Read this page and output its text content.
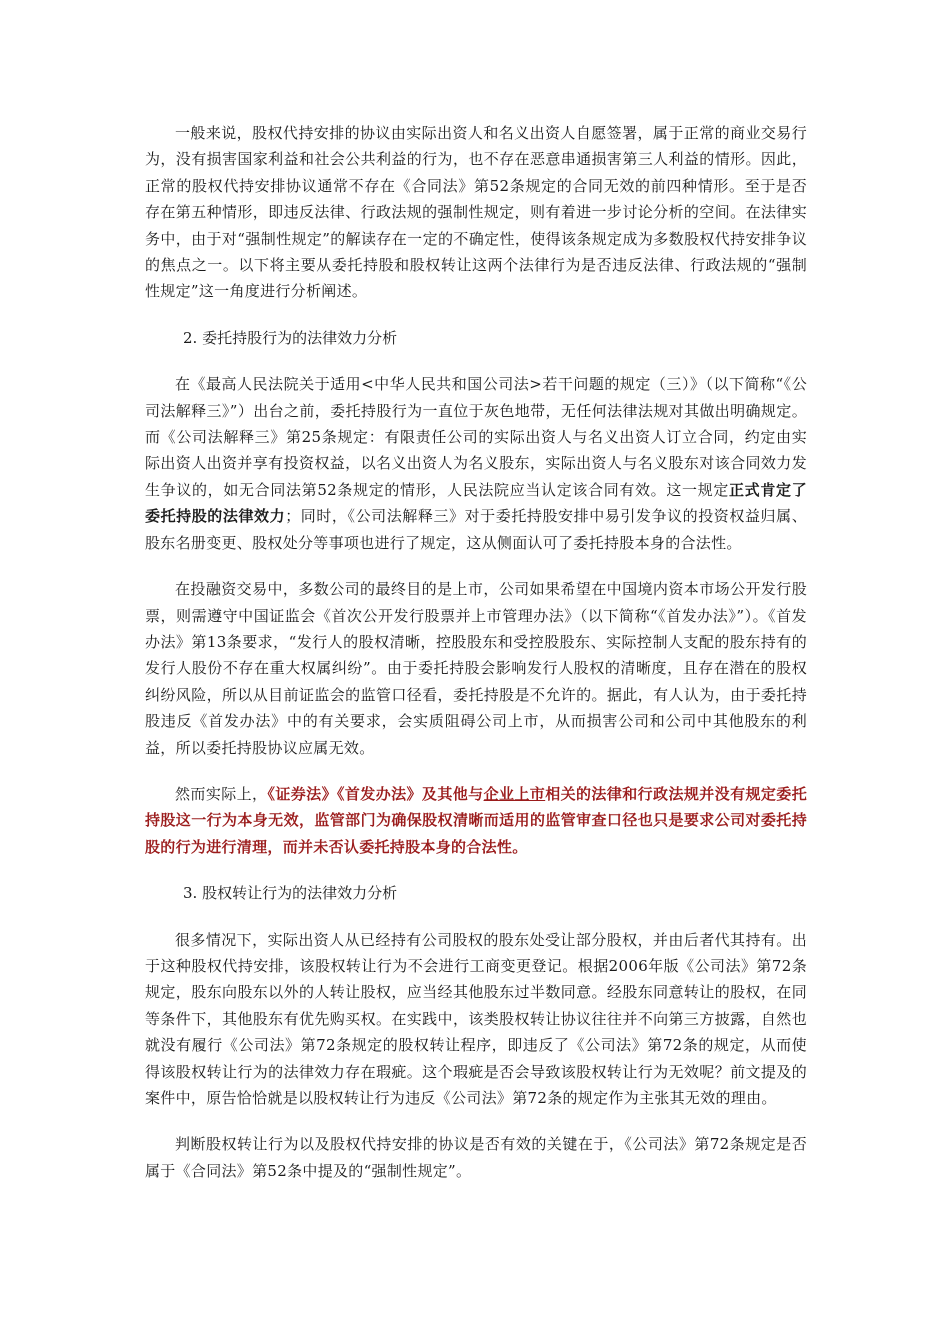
一般来说，股权代持安排的协议由实际出资人和名义出资人自愿签署，属于正常的商业交易行为，没有损害国家利益和社会公共利益的行为，也不存在恶意串通损害第三人利益的情形。因此，正常的股权代持安排协议通常不存在《合同法》第52条规定的合同无效的前四种情形。至于是否存在第五种情形，即违反法律、行政法规的强制性规定，则有着进一步讨论分析的空间。在法律实务中，由于对“强制性规定”的解读存在一定的不确定性，使得该条规定成为多数股权代持安排争议的焦点之一。以下将主要从委托持股和股权转让这两个法律行为是否违反法律、行政法规的“强制性规定”这一角度进行分析阐述。

2. 委托持股行为的法律效力分析

在《最高人民法院关于适用<中华人民共和国公司法>若干问题的规定（三）》（以下简称“《公司法解释三》”）出台之前，委托持股行为一直位于灰色地带，无任何法律法规对其做出明确规定。而《公司法解释三》第25条规定：有限责任公司的实际出资人与名义出资人订立合同，约定由实际出资人出资并享有投资权益，以名义出资人为名义股东，实际出资人与名义股东对该合同效力发生争议的，如无合同法第52条规定的情形，人民法院应当认定该合同有效。这一规定正式肯定了委托持股的法律效力；同时，《公司法解释三》对于委托持股安排中易引发争议的投资权益归属、股东名册变更、股权处分等事项也进行了规定，这从侧面认可了委托持股本身的合法性。

在投融资交易中，多数公司的最终目的是上市，公司如果希望在中国境内资本市场公开发行股票，则需遵守中国证监会《首次公开发行股票并上市管理办法》（以下简称“《首发办法》”）。《首发办法》第13条要求，“发行人的股权清晰，控股股东和受控股股东、实际控制人支配的股东持有的发行人股份不存在重大权属纠纷”。由于委托持股会影响发行人股权的清晰度，且存在潜在的股权纠纷风险，所以从目前证监会的监管口径看，委托持股是不允许的。据此，有人认为，由于委托持股违反《首发办法》中的有关要求，会实质阻碍公司上市，从而损害公司和公司中其他股东的利益，所以委托持股协议应属无效。

然而实际上，《证券法》《首发办法》及其他与企业上市相关的法律和行政法规并没有规定委托持股这一行为本身无效，监管部门为确保股权清晰而适用的监管审查口径也只是要求公司对委托持股的行为进行清理，而并未否认委托持股本身的合法性。

3. 股权转让行为的法律效力分析

很多情况下，实际出资人从已经持有公司股权的股东处受让部分股权，并由后者代其持有。出于这种股权代持安排，该股权转让行为不会进行工商变更登记。根据2006年版《公司法》第72条规定，股东向股东以外的人转让股权，应当经其他股东过半数同意。经股东同意转让的股权，在同等条件下，其他股东有优先购买权。在实践中，该类股权转让协议往往并不向第三方披露，自然也就没有履行《公司法》第72条规定的股权转让程序，即违反了《公司法》第72条的规定，从而使得该股权转让行为的法律效力存在瑕疵。这个瑕疵是否会导致该股权转让行为无效呢？前文提及的案件中，原告恰恰就是以股权转让行为违反《公司法》第72条的规定作为主张其无效的理由。

判断股权转让行为以及股权代持安排的协议是否有效的关键在于，《公司法》第72条规定是否属于《合同法》第52条中提及的“强制性规定”。
